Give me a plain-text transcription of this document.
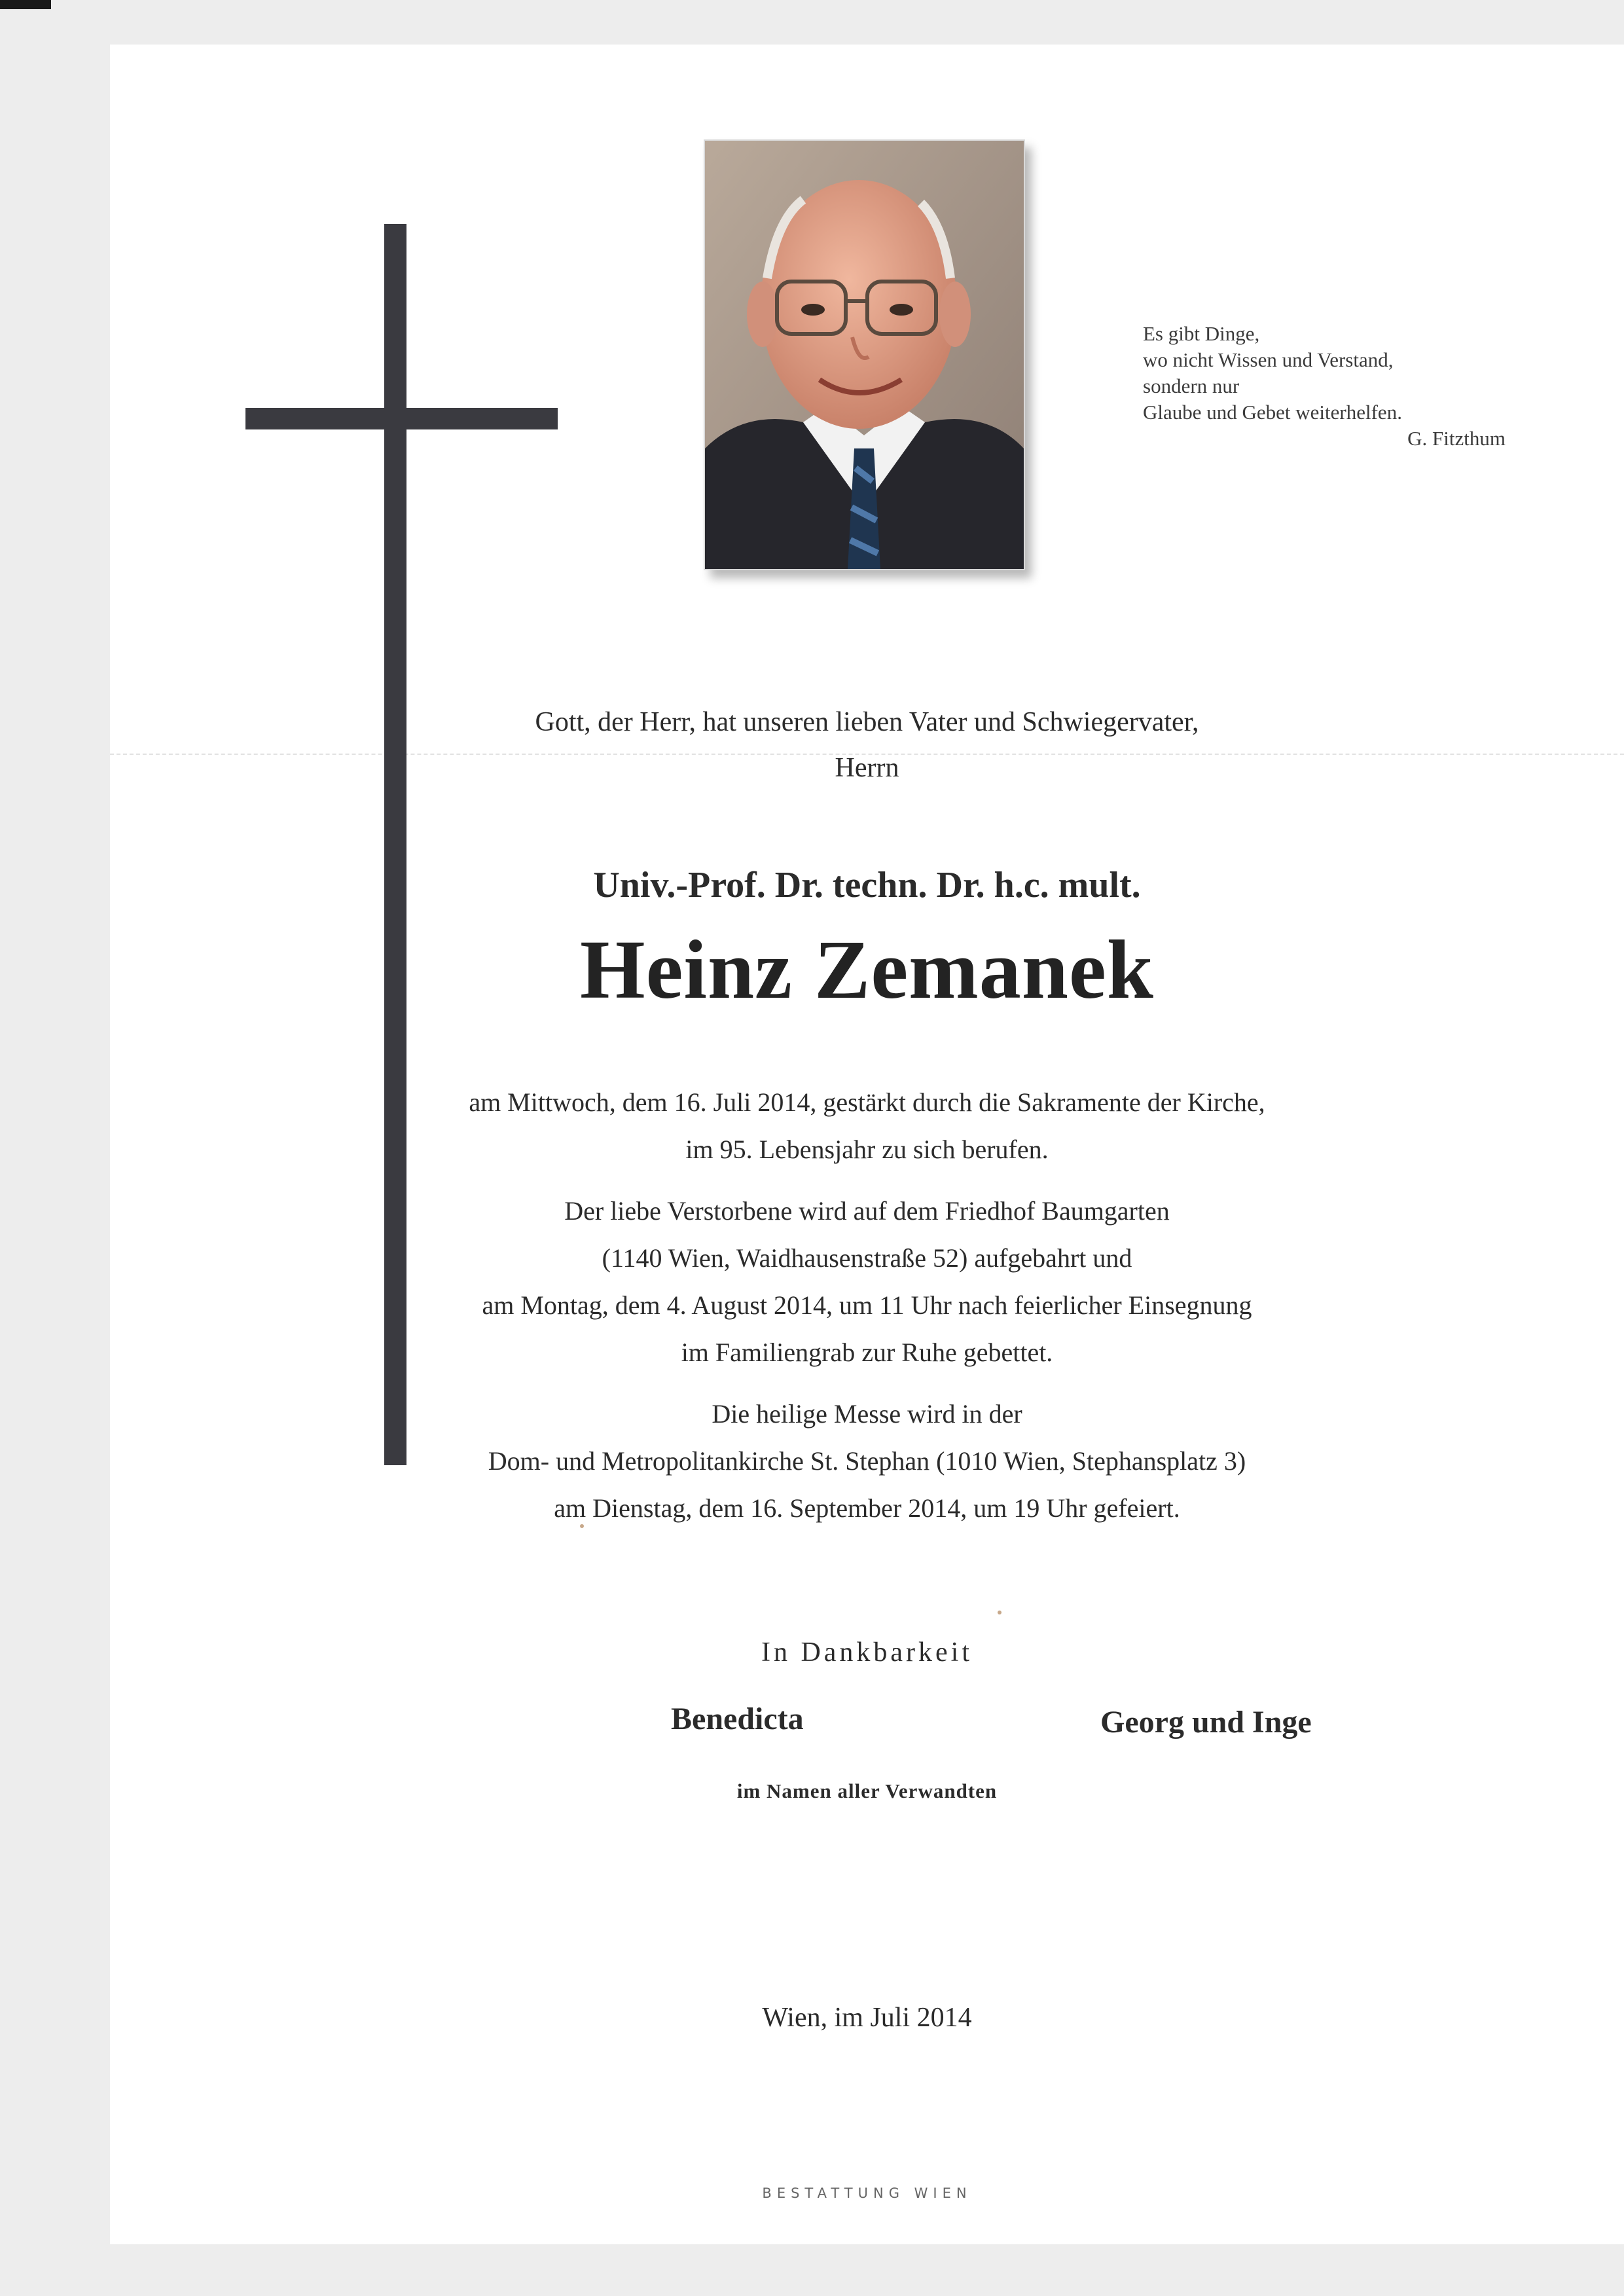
Es gibt Dinge,
wo nicht Wissen und Verstand,
sondern nur
Glaube und Gebet weiterhelfen.
G. Fitzthum
Gott, der Herr, hat unseren lieben Vater und Schwiegervater,
Herrn
Univ.-Prof. Dr. techn. Dr. h.c. mult.
Heinz Zemanek
am Mittwoch, dem 16. Juli 2014, gestärkt durch die Sakramente der Kirche,
im 95. Lebensjahr zu sich berufen.
Der liebe Verstorbene wird auf dem Friedhof Baumgarten
(1140 Wien, Waidhausenstraße 52) aufgebahrt und
am Montag, dem 4. August 2014, um 11 Uhr nach feierlicher Einsegnung
im Familiengrab zur Ruhe gebettet.
Die heilige Messe wird in der
Dom- und Metropolitankirche St. Stephan (1010 Wien, Stephansplatz 3)
am Dienstag, dem 16. September 2014, um 19 Uhr gefeiert.
In Dankbarkeit
Benedicta	Georg und Inge
im Namen aller Verwandten
Wien, im Juli 2014
BESTATTUNG WIEN
